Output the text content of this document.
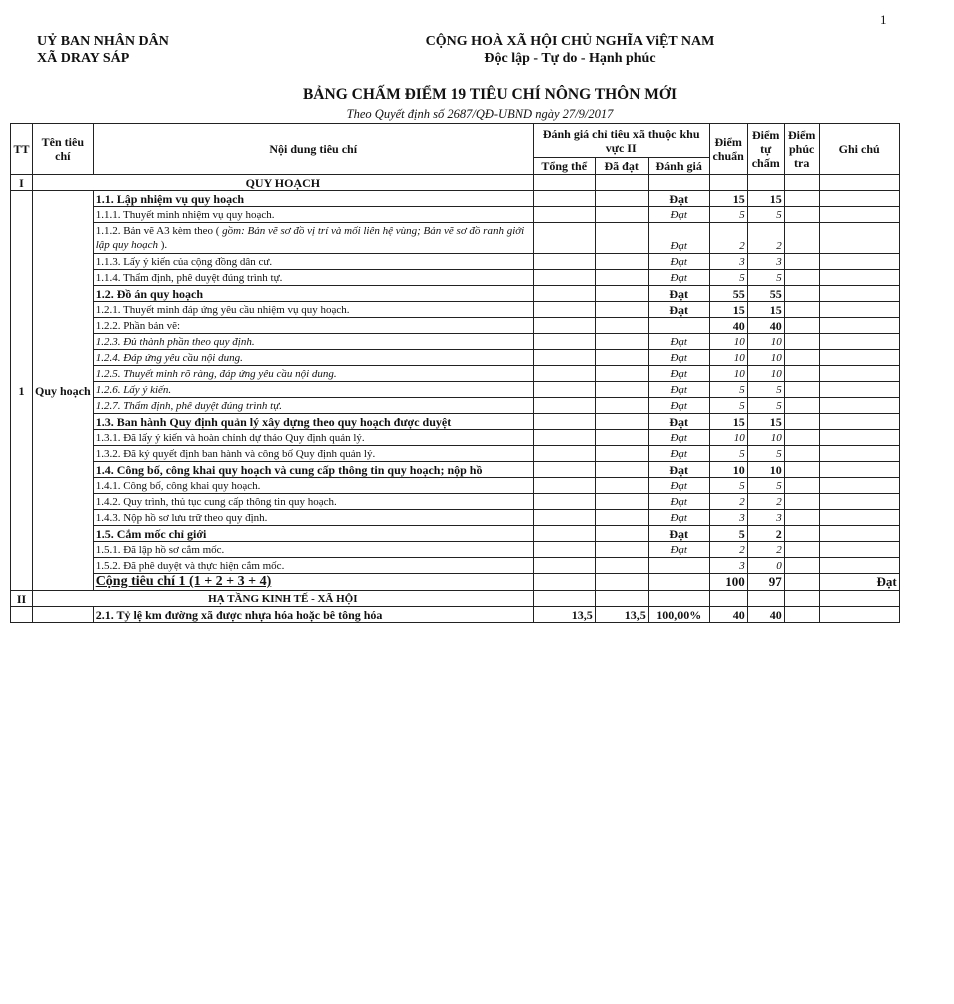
1
UỶ BAN NHÂN DÂN
XÃ DRAY SÁP
CỘNG HOÀ XÃ HỘI CHỦ NGHĨA ViỆT NAM
Độc lập - Tự do - Hạnh phúc
BẢNG CHẤM ĐIỂM 19 TIÊU CHÍ NÔNG THÔN MỚI
Theo Quyết định số 2687/QĐ-UBND ngày 27/9/2017
TT	Tên tiêu chí	Nội dung tiêu chí	Đánh giá chỉ tiêu xã thuộc khu vực II			Điểm chuẩn	Điểm tự chấm	Điểm phúc tra	Ghi chú
			Tổng thể	Đã đạt	Đánh giá				
I	QUY HOẠCH								
1	Quy hoạch	1.1. Lập nhiệm vụ quy hoạch			Đạt	15	15		
		1.1.1. Thuyết minh nhiệm vụ quy hoạch.			Đạt	5	5		
		1.1.2. Bản vẽ A3 kèm theo ( gồm: Bản vẽ sơ đồ vị trí và mối liên hệ vùng; Bản vẽ sơ đồ ranh giới lập quy hoạch ).			Đạt	2	2		
		1.1.3. Lấy ý kiến của cộng đồng dân cư.			Đạt	3	3		
		1.1.4. Thẩm định, phê duyệt đúng trình tự.			Đạt	5	5		
		1.2. Đồ án quy hoạch			Đạt	55	55		
		1.2.1. Thuyết minh đáp ứng yêu cầu nhiệm vụ quy hoạch.			Đạt	15	15		
		1.2.2. Phần bản vẽ:				40	40		
		1.2.3. Đủ thành phần theo quy định.			Đạt	10	10		
		1.2.4. Đáp ứng yêu cầu nội dung.			Đạt	10	10		
		1.2.5. Thuyết minh rõ ràng, đáp ứng yêu cầu nội dung.			Đạt	10	10		
		1.2.6. Lấy ý kiến.			Đạt	5	5		
		1.2.7. Thẩm định, phê duyệt đúng trình tự.			Đạt	5	5		
		1.3. Ban hành Quy định quản lý xây dựng theo quy hoạch được duyệt			Đạt	15	15		
		1.3.1. Đã lấy ý kiến và hoàn chỉnh dự thảo Quy định quản lý.			Đạt	10	10		
		1.3.2. Đã ký quyết định ban hành và công bố Quy định quản lý.			Đạt	5	5		
		1.4. Công bố, công khai quy hoạch và cung cấp thông tin quy hoạch; nộp hồ			Đạt	10	10		
		1.4.1. Công bố, công khai quy hoạch.			Đạt	5	5		
		1.4.2. Quy trình, thủ tục cung cấp thông tin quy hoạch.			Đạt	2	2		
		1.4.3. Nộp hồ sơ lưu trữ theo quy định.			Đạt	3	3		
		1.5. Cắm mốc chỉ giới			Đạt	5	2		
		1.5.1. Đã lập hồ sơ cắm mốc.			Đạt	2	2		
		1.5.2. Đã phê duyệt và thực hiện cắm mốc.				3	0		
		Cộng tiêu chí 1 (1 + 2 + 3 + 4)				100	97		Đạt
II	HẠ TẦNG KINH TẾ - XÃ HỘI								
		2.1. Tỷ lệ km đường xã được nhựa hóa hoặc bê tông hóa	13,5	13,5	100,00%	40	40		
